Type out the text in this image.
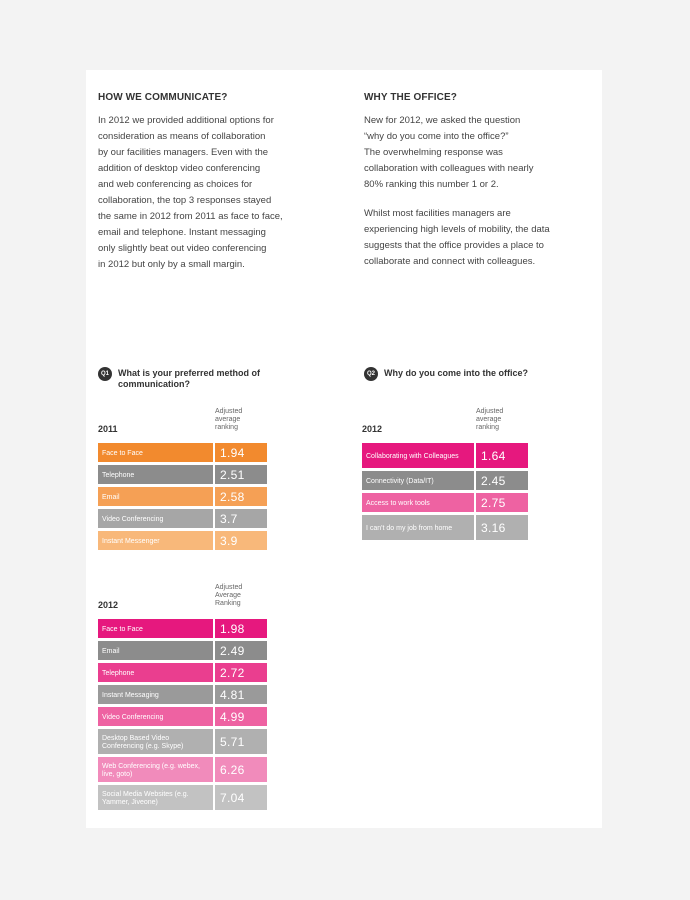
HOW WE COMMUNICATE?

In 2012 we provided additional options for
consideration as means of collaboration
by our facilities managers. Even with the
addition of desktop video conferencing
and web conferencing as choices for
collaboration, the top 3 responses stayed
the same in 2012 from 2011 as face to face,
email and telephone. Instant messaging
only slightly beat out video conferencing
in 2012 but only by a small margin.

WHY THE OFFICE?

New for 2012, we asked the question
“why do you come into the office?”
The overwhelming response was
collaboration with colleagues with nearly
80% ranking this number 1 or 2.

Whilst most facilities managers are
experiencing high levels of mobility, the data
suggests that the office provides a place to
collaborate and connect with colleagues.

Q1	What is your preferred method of communication?
Q2	Why do you come into the office?
2011
Adjusted
average
ranking
Face to Face	1.94
Telephone	2.51
Email	2.58
Video Conferencing	3.7
Instant Messenger	3.9
2012
Adjusted
average
ranking
Collaborating with Colleagues	1.64
Connectivity (Data/IT)	2.45
Access to work tools	2.75
I can't do my job from home	3.16
2012
Adjusted
Average
Ranking
Face to Face	1.98
Email	2.49
Telephone	2.72
Instant Messaging	4.81
Video Conferencing	4.99
Desktop Based Video Conferencing (e.g. Skype)	5.71
Web Conferencing (e.g. webex, live, goto)	6.26
Social Media Websites (e.g. Yammer, Jiveone)	7.04
